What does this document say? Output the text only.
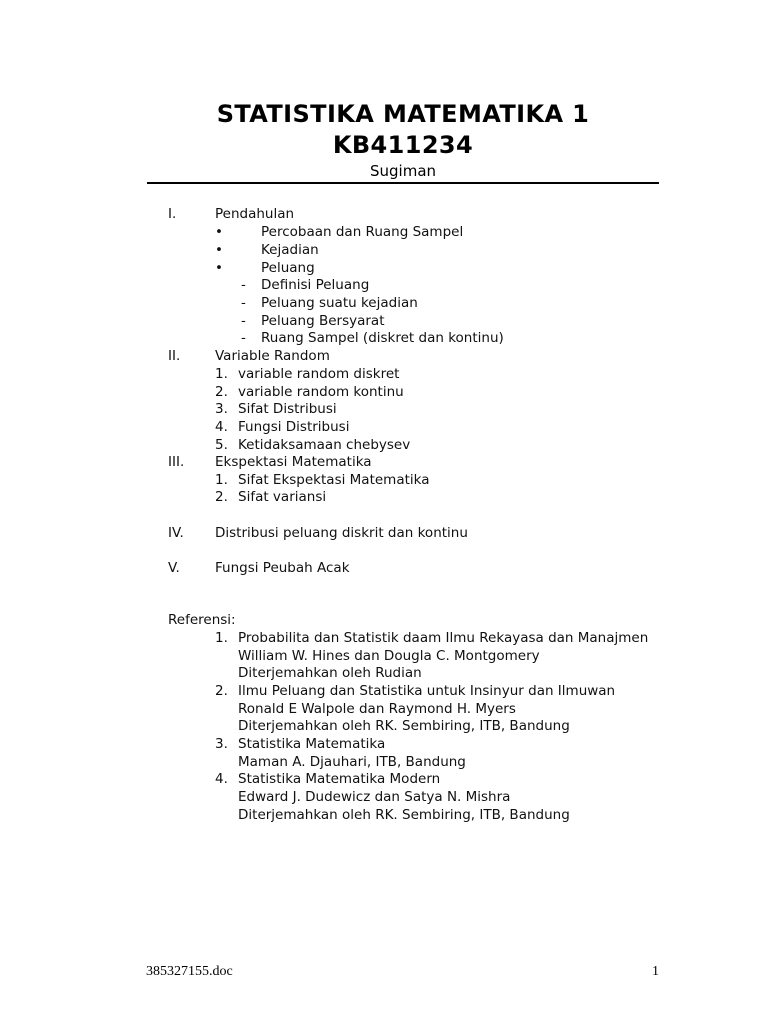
STATISTIKA MATEMATIKA 1
KB411234
Sugiman
I.	Pendahulan
•	Percobaan dan Ruang Sampel
•	Kejadian
•	Peluang
- Definisi Peluang
- Peluang suatu kejadian
- Peluang Bersyarat
- Ruang Sampel (diskret dan kontinu)
II.	Variable Random
1. variable random diskret
2. variable random kontinu
3. Sifat Distribusi
4. Fungsi Distribusi
5. Ketidaksamaan chebysev
III. Ekspektasi Matematika
1. Sifat Ekspektasi Matematika
2. Sifat variansi
IV. Distribusi peluang diskrit dan kontinu
V.	Fungsi Peubah Acak
Referensi:
1. Probabilita dan Statistik daam Ilmu Rekayasa dan Manajmen
William W. Hines dan Dougla C. Montgomery
Diterjemahkan oleh Rudian
2. Ilmu Peluang dan Statistika untuk Insinyur dan Ilmuwan
Ronald E Walpole dan Raymond H. Myers
Diterjemahkan oleh RK. Sembiring, ITB, Bandung
3. Statistika Matematika
Maman A. Djauhari, ITB, Bandung
4. Statistika Matematika Modern
Edward J. Dudewicz dan Satya N. Mishra
Diterjemahkan oleh RK. Sembiring, ITB, Bandung
385327155.doc	1
